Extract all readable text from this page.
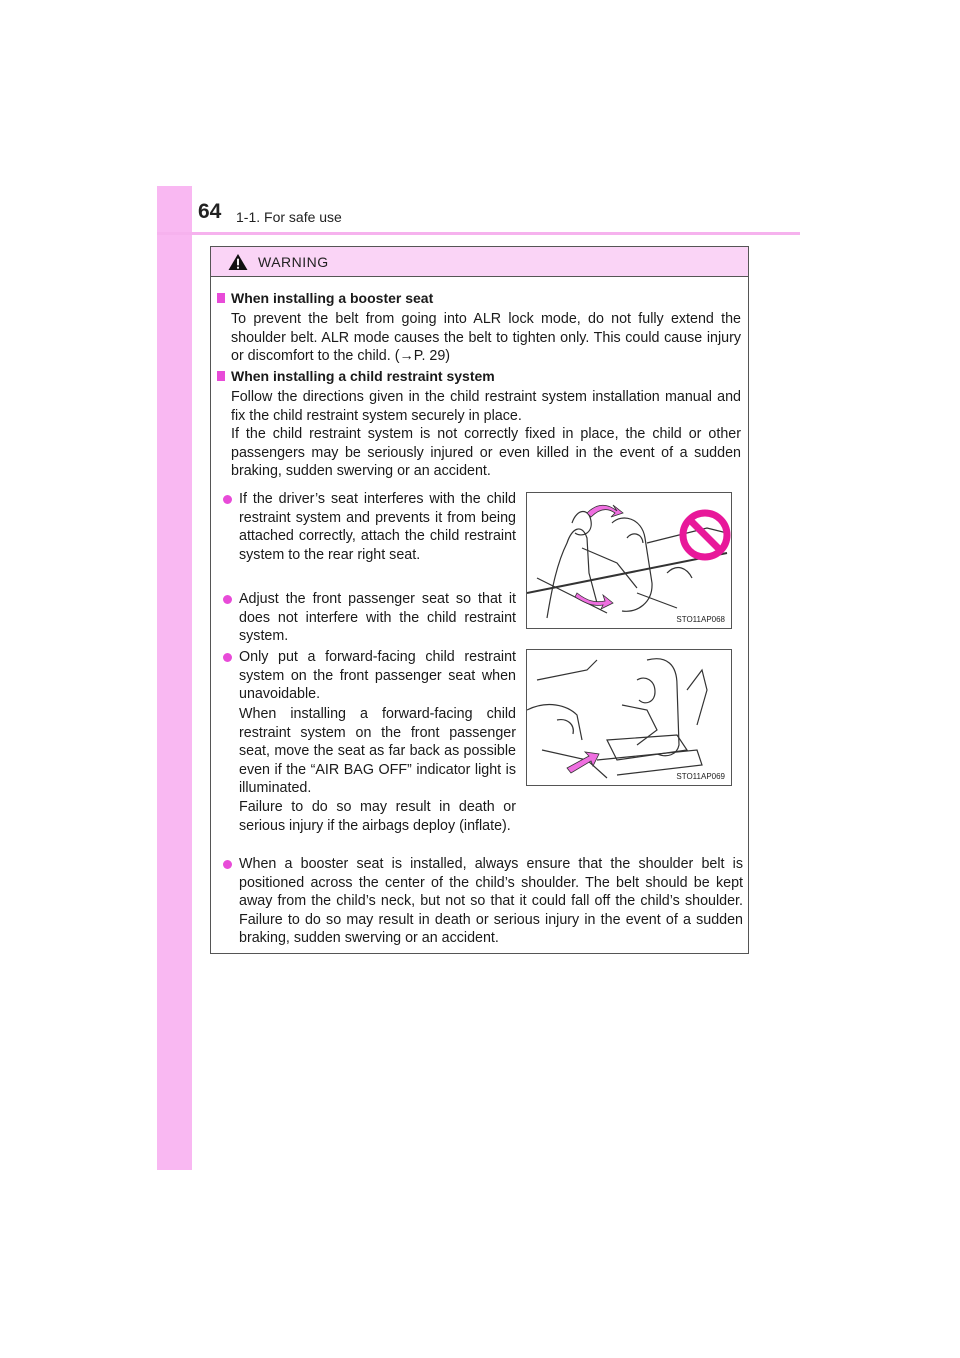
64 1-1. For safe use
WARNING
When installing a booster seat

To prevent the belt from going into ALR lock mode, do not fully extend the shoulder belt. ALR mode causes the belt to tighten only. This could cause injury or discomfort to the child. (→P. 29)

When installing a child restraint system

Follow the directions given in the child restraint system installation manual and fix the child restraint system securely in place.

If the child restraint system is not correctly fixed in place, the child or other passengers may be seriously injured or even killed in the event of a sudden braking, sudden swerving or an accident.

If the driver’s seat interferes with the child restraint system and prevents it from being attached correctly, attach the child restraint system to the rear right seat.

Adjust the front passenger seat so that it does not interfere with the child restraint system.

STO11AP068

Only put a forward-facing child restraint system on the front passenger seat when unavoidable.

When installing a forward-facing child restraint system on the front passenger seat, move the seat as far back as possible even if the “AIR BAG OFF” indicator light is illuminated.

Failure to do so may result in death or serious injury if the airbags deploy (inflate).

STO11AP069

When a booster seat is installed, always ensure that the shoulder belt is positioned across the center of the child’s shoulder. The belt should be kept away from the child’s neck, but not so that it could fall off the child’s shoulder. Failure to do so may result in death or serious injury in the event of a sudden braking, sudden swerving or an accident.
